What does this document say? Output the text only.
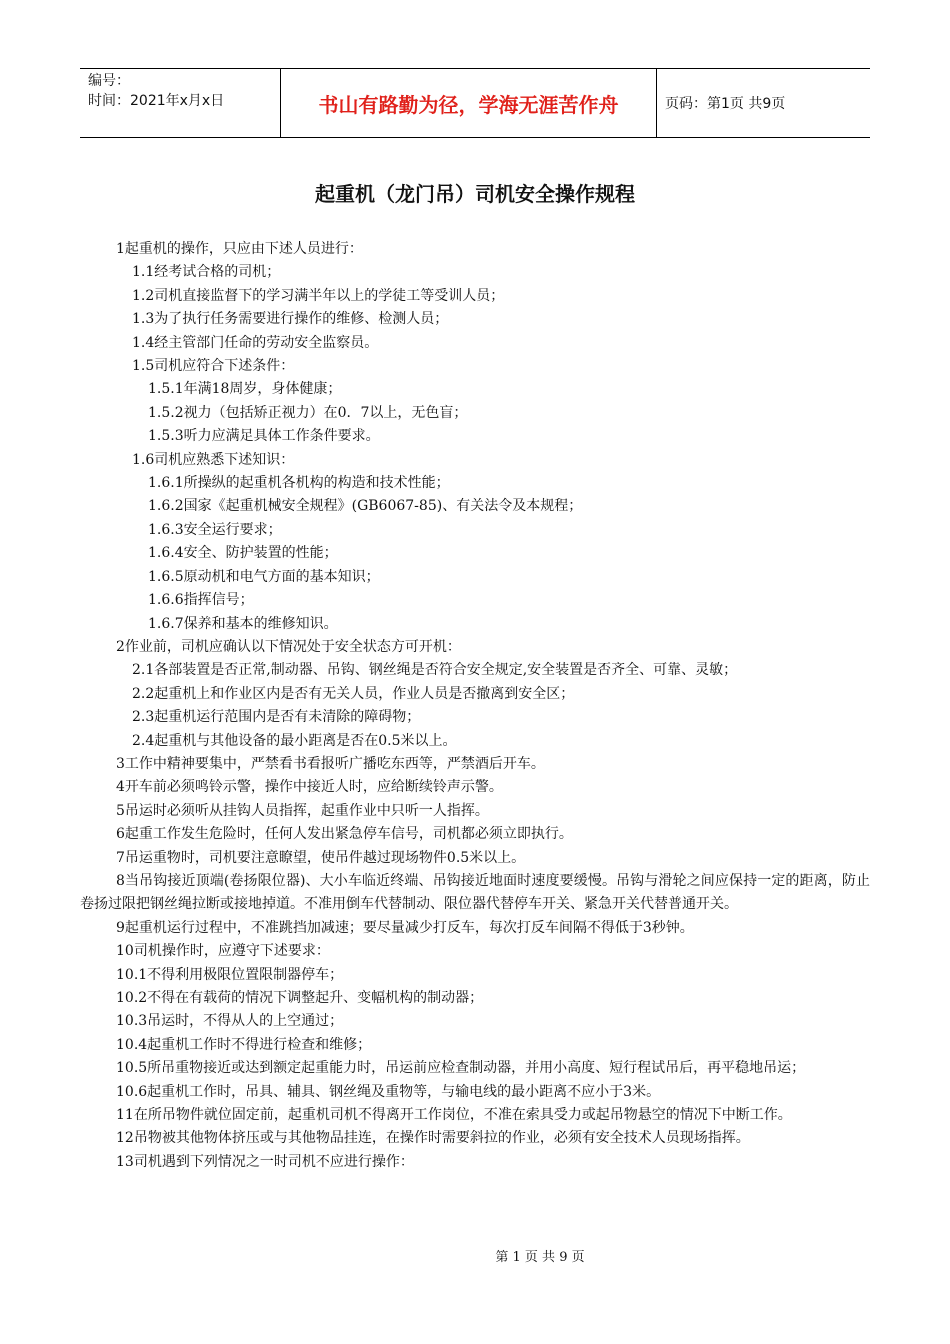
编号：
时间：2021年x月x日	书山有路勤为径，学海无涯苦作舟	页码：第1页 共9页
起重机（龙门吊）司机安全操作规程
1起重机的操作，只应由下述人员进行：
1.1经考试合格的司机；
1.2司机直接监督下的学习满半年以上的学徒工等受训人员；
1.3为了执行任务需要进行操作的维修、检测人员；
1.4经主管部门任命的劳动安全监察员。
1.5司机应符合下述条件：
1.5.1年满18周岁，身体健康；
1.5.2视力（包括矫正视力）在0．7以上，无色盲；
1.5.3听力应满足具体工作条件要求。
1.6司机应熟悉下述知识：
1.6.1所操纵的起重机各机构的构造和技术性能；
1.6.2国家《起重机械安全规程》(GB6067-85)、有关法令及本规程；
1.6.3安全运行要求；
1.6.4安全、防护装置的性能；
1.6.5原动机和电气方面的基本知识；
1.6.6指挥信号；
1.6.7保养和基本的维修知识。
2作业前，司机应确认以下情况处于安全状态方可开机：
2.1各部装置是否正常,制动器、吊钩、钢丝绳是否符合安全规定,安全装置是否齐全、可靠、灵敏；
2.2起重机上和作业区内是否有无关人员，作业人员是否撤离到安全区；
2.3起重机运行范围内是否有未清除的障碍物；
2.4起重机与其他设备的最小距离是否在0.5米以上。
3工作中精神要集中，严禁看书看报听广播吃东西等，严禁酒后开车。
4开车前必须鸣铃示警，操作中接近人时，应给断续铃声示警。
5吊运时必须听从挂钩人员指挥，起重作业中只听一人指挥。
6起重工作发生危险时，任何人发出紧急停车信号，司机都必须立即执行。
7吊运重物时，司机要注意瞭望，使吊件越过现场物件0.5米以上。
8当吊钩接近顶端(卷扬限位器)、大小车临近终端、吊钩接近地面时速度要缓慢。吊钩与滑轮之间应保持一定的距离，防止卷扬过限把钢丝绳拉断或接地掉道。不准用倒车代替制动、限位器代替停车开关、紧急开关代替普通开关。
9起重机运行过程中，不准跳挡加减速；要尽量减少打反车，每次打反车间隔不得低于3秒钟。
10司机操作时，应遵守下述要求：
10.1不得利用极限位置限制器停车；
10.2不得在有载荷的情况下调整起升、变幅机构的制动器；
10.3吊运时，不得从人的上空通过；
10.4起重机工作时不得进行检查和维修；
10.5所吊重物接近或达到额定起重能力时，吊运前应检查制动器，并用小高度、短行程试吊后，再平稳地吊运；
10.6起重机工作时，吊具、辅具、钢丝绳及重物等，与输电线的最小距离不应小于3米。
11在所吊物件就位固定前，起重机司机不得离开工作岗位，不准在索具受力或起吊物悬空的情况下中断工作。
12吊物被其他物体挤压或与其他物品挂连，在操作时需要斜拉的作业，必须有安全技术人员现场指挥。
13司机遇到下列情况之一时司机不应进行操作：
第 1 页 共 9 页
